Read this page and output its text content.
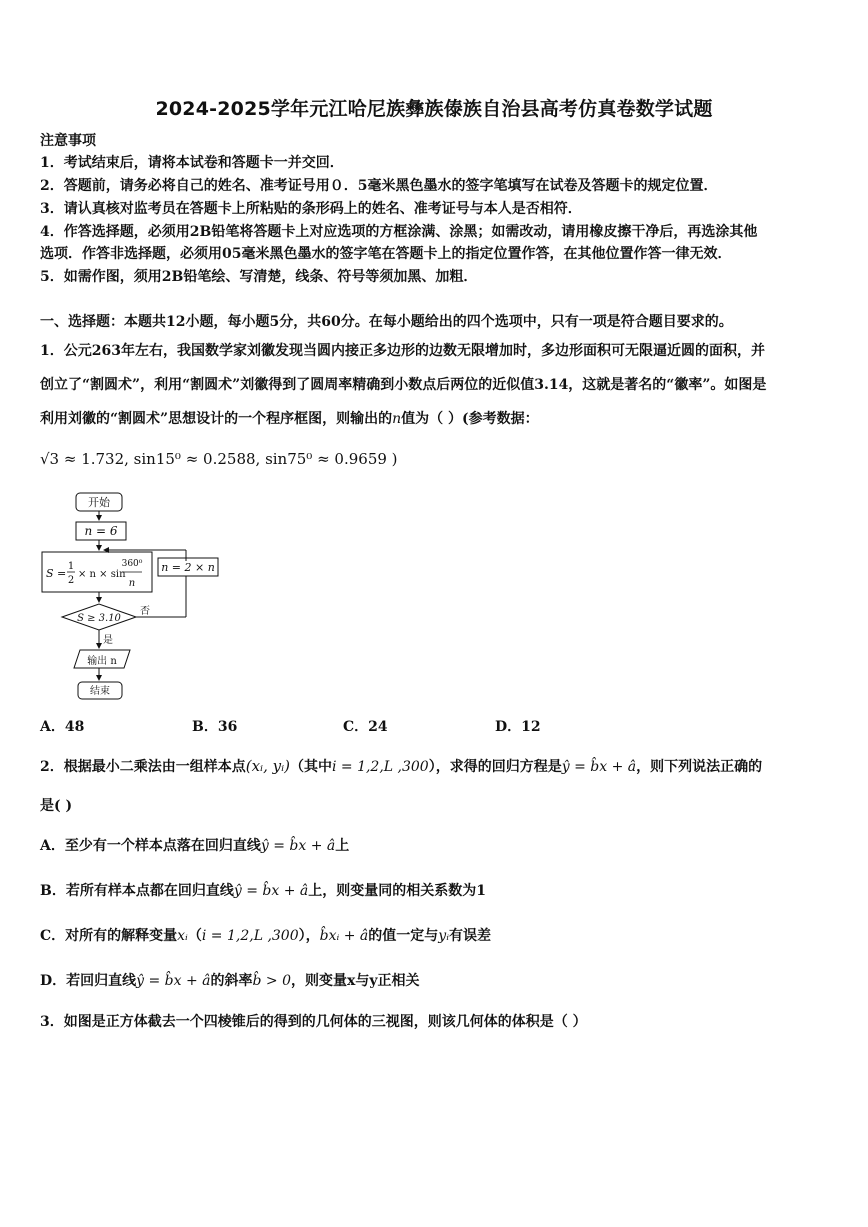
2024-2025学年元江哈尼族彝族傣族自治县高考仿真卷数学试题
注意事项
1．考试结束后，请将本试卷和答题卡一并交回．
2．答题前，请务必将自己的姓名、准考证号用０．5毫米黑色墨水的签字笔填写在试卷及答题卡的规定位置．
3．请认真核对监考员在答题卡上所粘贴的条形码上的姓名、准考证号与本人是否相符．
4．作答选择题，必须用2B铅笔将答题卡上对应选项的方框涂满、涂黑；如需改动，请用橡皮擦干净后，再选涂其他
选项．作答非选择题，必须用05毫米黑色墨水的签字笔在答题卡上的指定位置作答，在其他位置作答一律无效．
5．如需作图，须用2B铅笔绘、写清楚，线条、符号等须加黑、加粗．
一、选择题：本题共12小题，每小题5分，共60分。在每小题给出的四个选项中，只有一项是符合题目要求的。
1．公元263年左右，我国数学家刘徽发现当圆内接正多边形的边数无限增加时，多边形面积可无限逼近圆的面积，并
创立了“割圆术”，利用“割圆术”刘徽得到了圆周率精确到小数点后两位的近似值3.14，这就是著名的“徽率”。如图是
利用刘徽的“割圆术”思想设计的一个程序框图，则输出的n值为（ ）(参考数据：
√3 ≈ 1.732, sin15⁰ ≈ 0.2588, sin75⁰ ≈ 0.9659 )
开始
n = 6
S =
1
2
× n × sin
360⁰
n
n = 2 × n
S ≥ 3.10
否
是
输出 n
结束
A．48	B．36	C．24	D．12
2．根据最小二乘法由一组样本点(xᵢ, yᵢ)（其中i = 1,2,L ,300），求得的回归方程是ŷ = b̂x + â，则下列说法正确的
是( )
A．至少有一个样本点落在回归直线ŷ = b̂x + â上
B．若所有样本点都在回归直线ŷ = b̂x + â上，则变量同的相关系数为1
C．对所有的解释变量xᵢ（i = 1,2,L ,300），b̂xᵢ + â的值一定与yᵢ有误差
D．若回归直线ŷ = b̂x + â的斜率b̂ > 0，则变量x与y正相关
3．如图是正方体截去一个四棱锥后的得到的几何体的三视图，则该几何体的体积是（ ）
